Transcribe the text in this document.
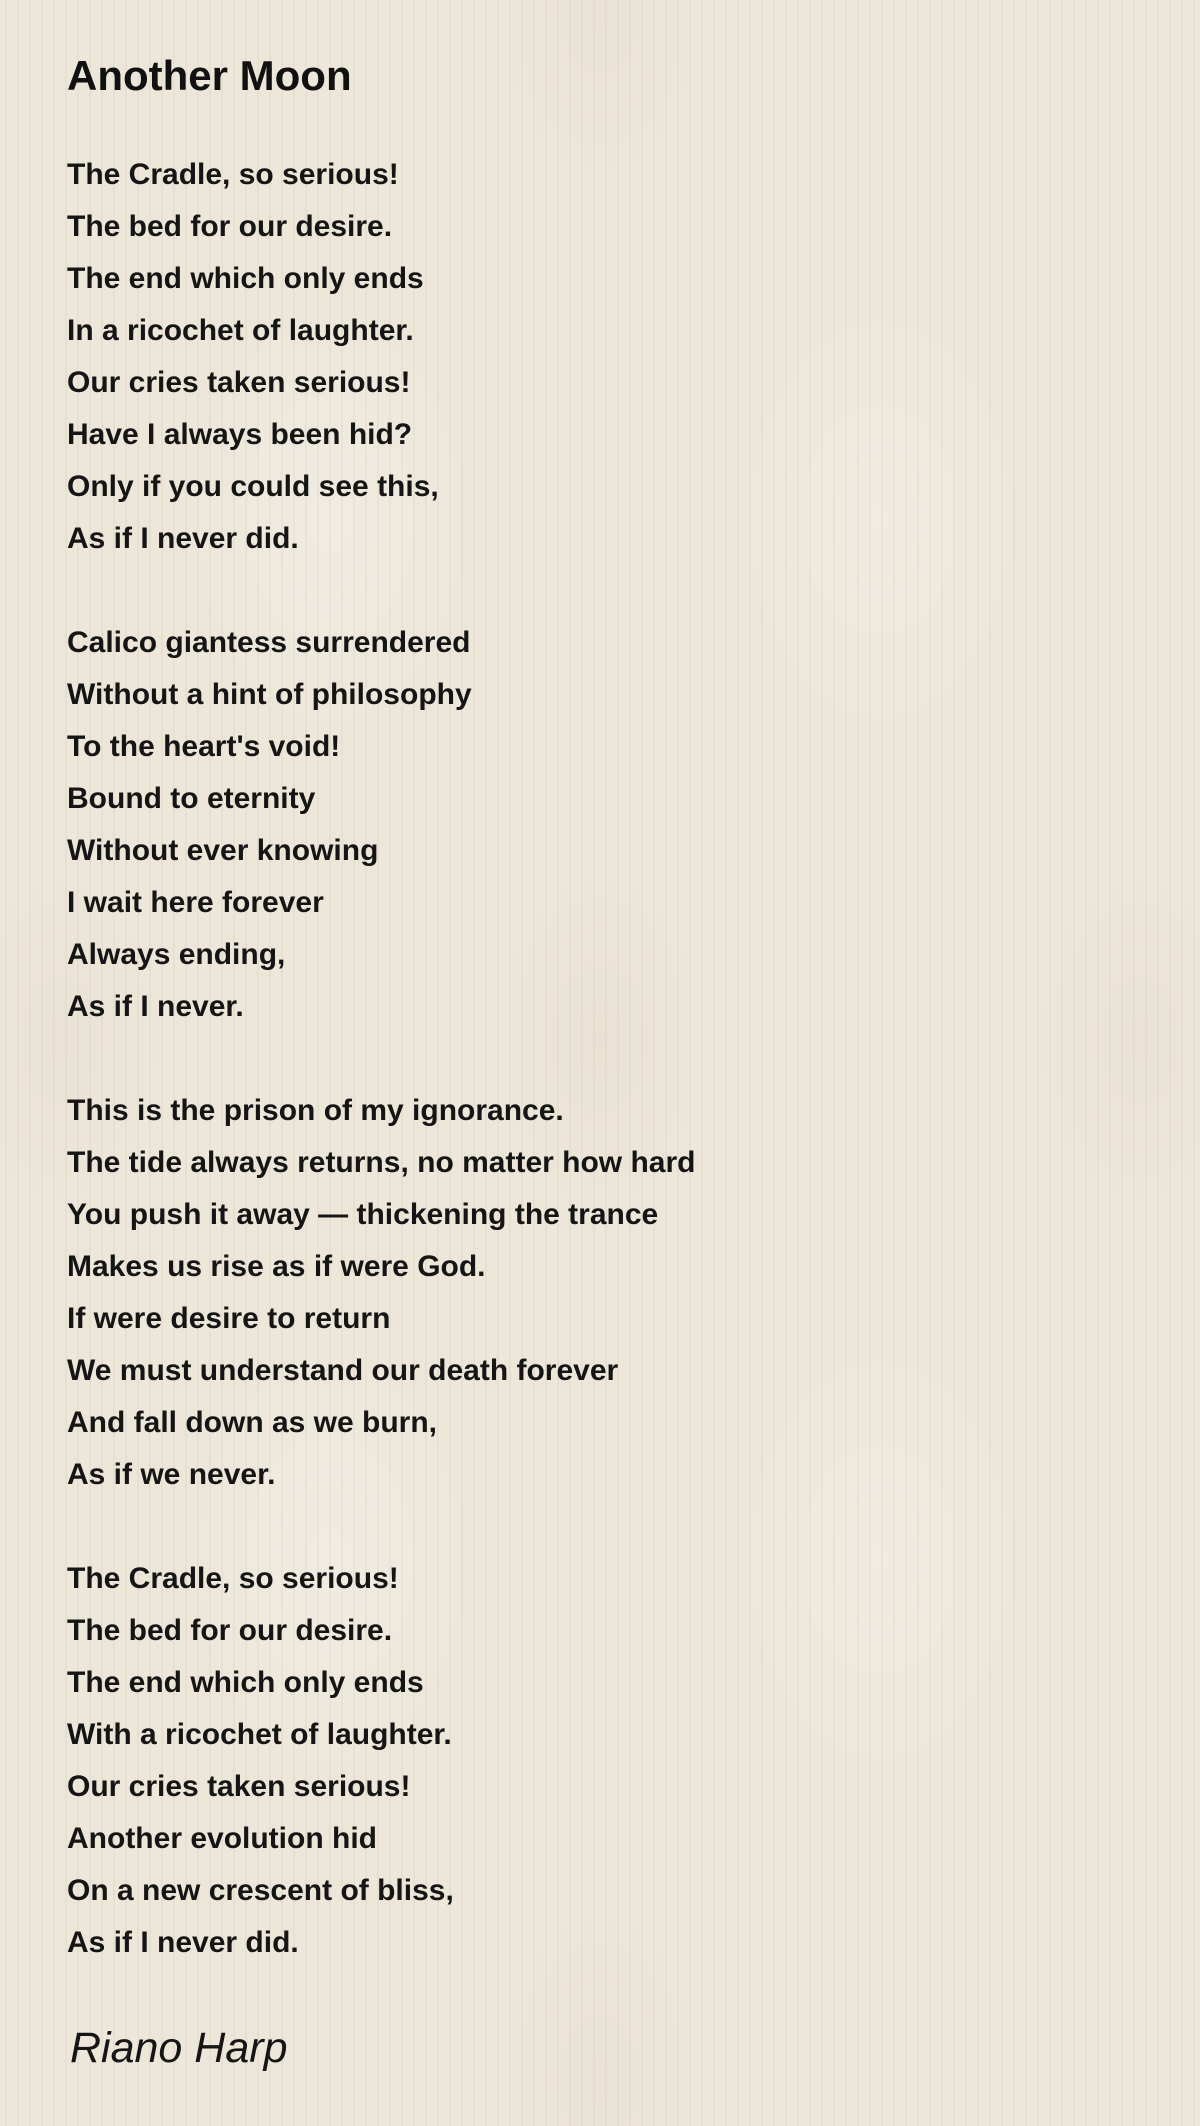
Another Moon
The Cradle, so serious!
The bed for our desire.
The end which only ends
In a ricochet of laughter.
Our cries taken serious!
Have I always been hid?
Only if you could see this,
As if I never did.
Calico giantess surrendered
Without a hint of philosophy
To the heart's void!
Bound to eternity
Without ever knowing
I wait here forever
Always ending,
As if I never.
This is the prison of my ignorance.
The tide always returns, no matter how hard
You push it away — thickening the trance
Makes us rise as if were God.
If were desire to return
We must understand our death forever
And fall down as we burn,
As if we never.
The Cradle, so serious!
The bed for our desire.
The end which only ends
With a ricochet of laughter.
Our cries taken serious!
Another evolution hid
On a new crescent of bliss,
As if I never did.
Riano Harp
